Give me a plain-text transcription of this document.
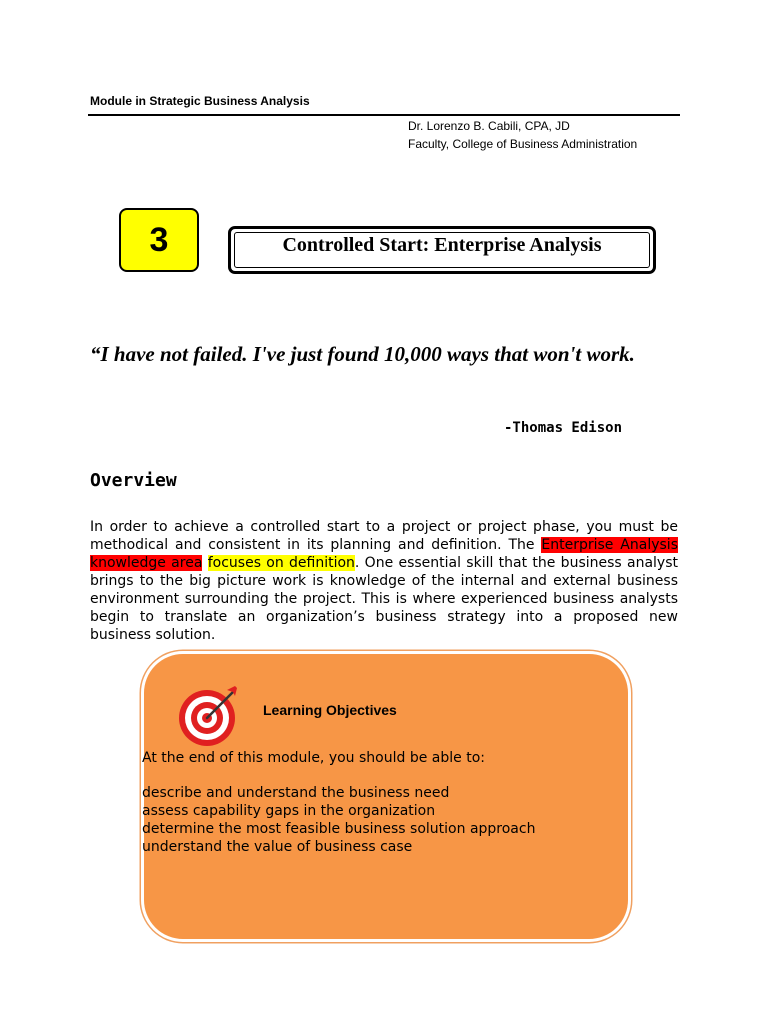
Module in Strategic Business Analysis
Dr. Lorenzo B. Cabili, CPA, JD
Faculty, College of Business Administration
3	Controlled Start: Enterprise Analysis
“I have not failed. I've just found 10,000 ways that won't work.
-Thomas Edison
Overview
In order to achieve a controlled start to a project or project phase, you must be methodical and consistent in its planning and definition. The Enterprise Analysis knowledge area focuses on definition. One essential skill that the business analyst brings to the big picture work is knowledge of the internal and external business environment surrounding the project. This is where experienced business analysts begin to translate an organization’s business strategy into a proposed new business solution.
Learning Objectives
At the end of this module, you should be able to:
describe and understand the business need
assess capability gaps in the organization
determine the most feasible business solution approach
understand the value of business case
